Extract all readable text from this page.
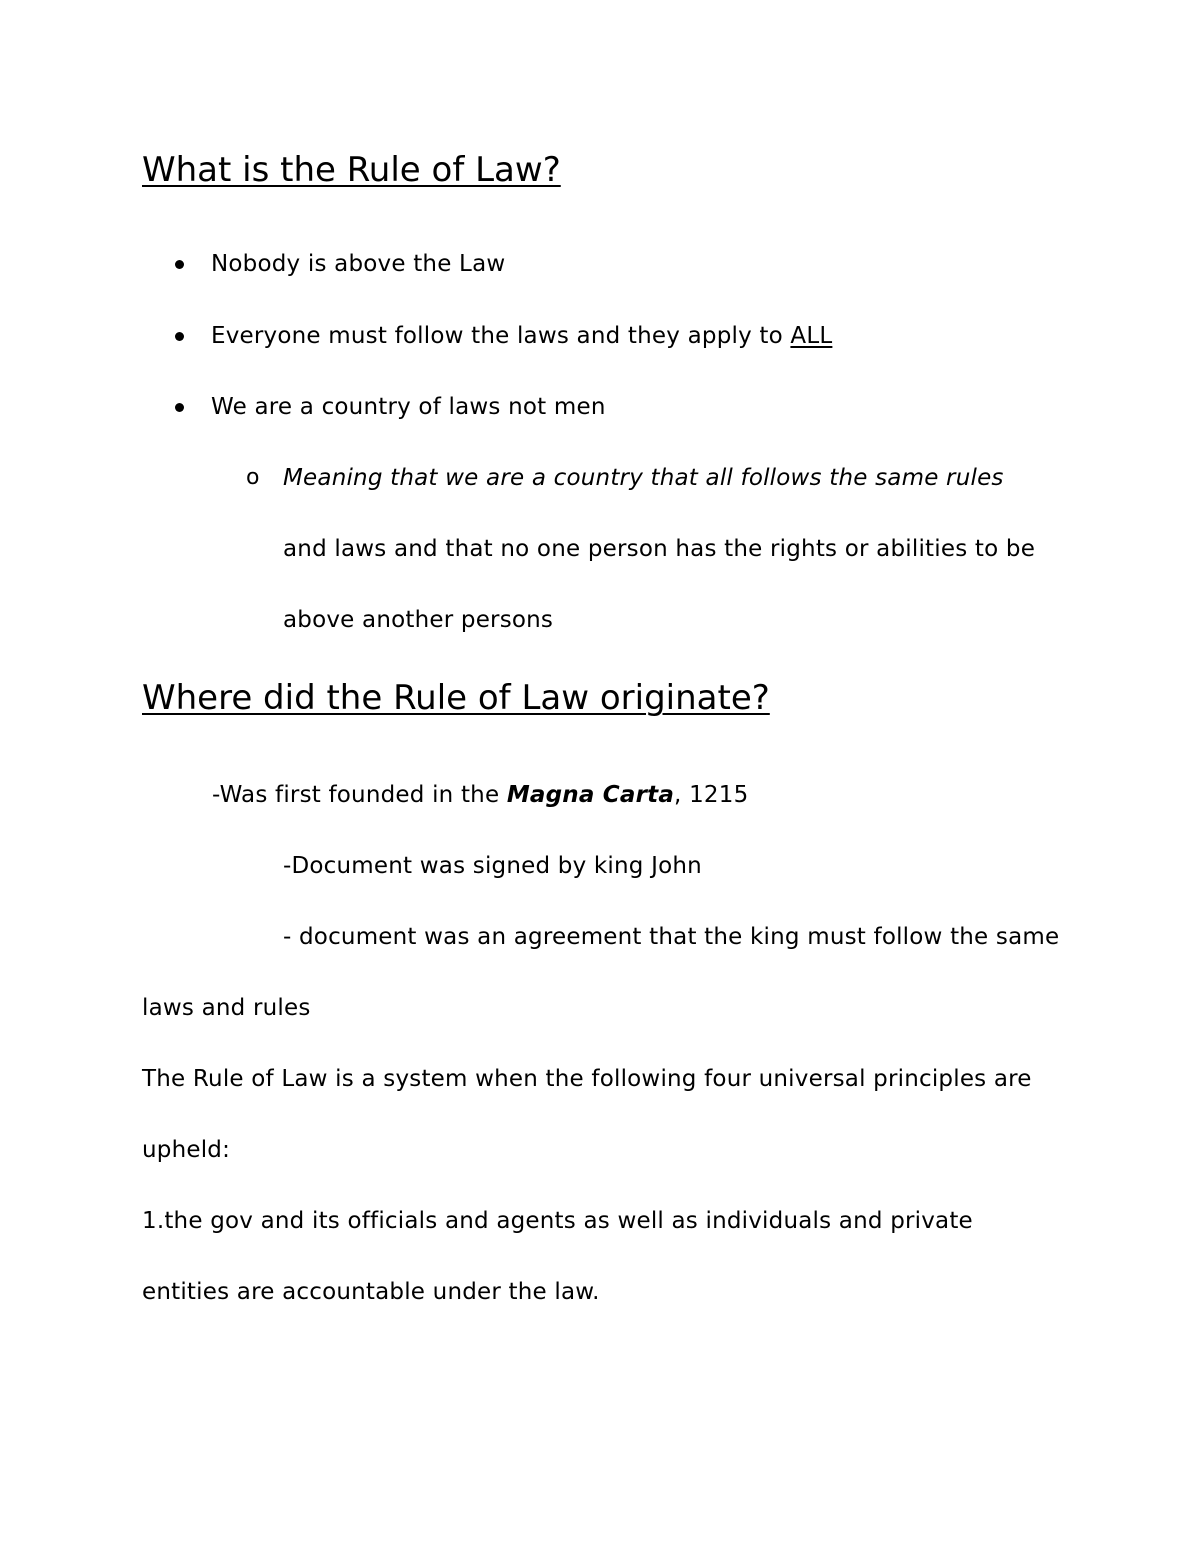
What is the Rule of Law?
Nobody is above the Law
Everyone must follow the laws and they apply to ALL
We are a country of laws not men
o Meaning that we are a country that all follows the same rules
and laws and that no one person has the rights or abilities to be
above another persons
Where did the Rule of Law originate?
-Was first founded in the Magna Carta, 1215
-Document was signed by king John
- document was an agreement that the king must follow the same
laws and rules
The Rule of Law is a system when the following four universal principles are
upheld:
1.the gov and its officials and agents as well as individuals and private
entities are accountable under the law.
